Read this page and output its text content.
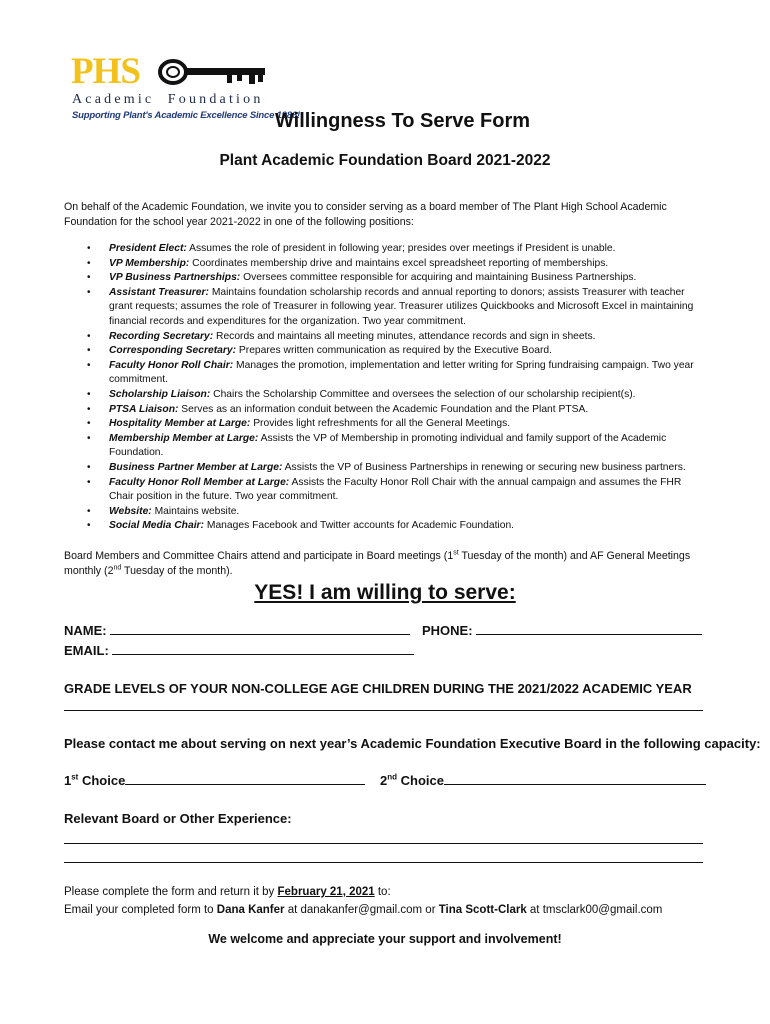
PHS
Academic Foundation
Supporting Plant's Academic Excellence Since 1986!
Willingness To Serve Form
Plant Academic Foundation Board 2021-2022
On behalf of the Academic Foundation, we invite you to consider serving as a board member of The Plant High School Academic Foundation for the school year 2021-2022 in one of the following positions:
• President Elect: Assumes the role of president in following year; presides over meetings if President is unable.
• VP Membership: Coordinates membership drive and maintains excel spreadsheet reporting of memberships.
• VP Business Partnerships: Oversees committee responsible for acquiring and maintaining Business Partnerships.
• Assistant Treasurer: Maintains foundation scholarship records and annual reporting to donors; assists Treasurer with teacher grant requests; assumes the role of Treasurer in following year. Treasurer utilizes Quickbooks and Microsoft Excel in maintaining financial records and expenditures for the organization. Two year commitment.
• Recording Secretary: Records and maintains all meeting minutes, attendance records and sign in sheets.
• Corresponding Secretary: Prepares written communication as required by the Executive Board.
• Faculty Honor Roll Chair: Manages the promotion, implementation and letter writing for Spring fundraising campaign. Two year commitment.
• Scholarship Liaison: Chairs the Scholarship Committee and oversees the selection of our scholarship recipient(s).
• PTSA Liaison: Serves as an information conduit between the Academic Foundation and the Plant PTSA.
• Hospitality Member at Large: Provides light refreshments for all the General Meetings.
• Membership Member at Large: Assists the VP of Membership in promoting individual and family support of the Academic Foundation.
• Business Partner Member at Large: Assists the VP of Business Partnerships in renewing or securing new business partners.
• Faculty Honor Roll Member at Large: Assists the Faculty Honor Roll Chair with the annual campaign and assumes the FHR Chair position in the future. Two year commitment.
• Website: Maintains website.
• Social Media Chair: Manages Facebook and Twitter accounts for Academic Foundation.
Board Members and Committee Chairs attend and participate in Board meetings (1st Tuesday of the month) and AF General Meetings monthly (2nd Tuesday of the month).
YES! I am willing to serve:
NAME:	PHONE:
EMAIL:
GRADE LEVELS OF YOUR NON-COLLEGE AGE CHILDREN DURING THE 2021/2022 ACADEMIC YEAR
Please contact me about serving on next year’s Academic Foundation Executive Board in the following capacity:
1st Choice	2nd Choice
Relevant Board or Other Experience:
Please complete the form and return it by February 21, 2021 to:
Email your completed form to Dana Kanfer at danakanfer@gmail.com or Tina Scott-Clark at tmsclark00@gmail.com
We welcome and appreciate your support and involvement!
